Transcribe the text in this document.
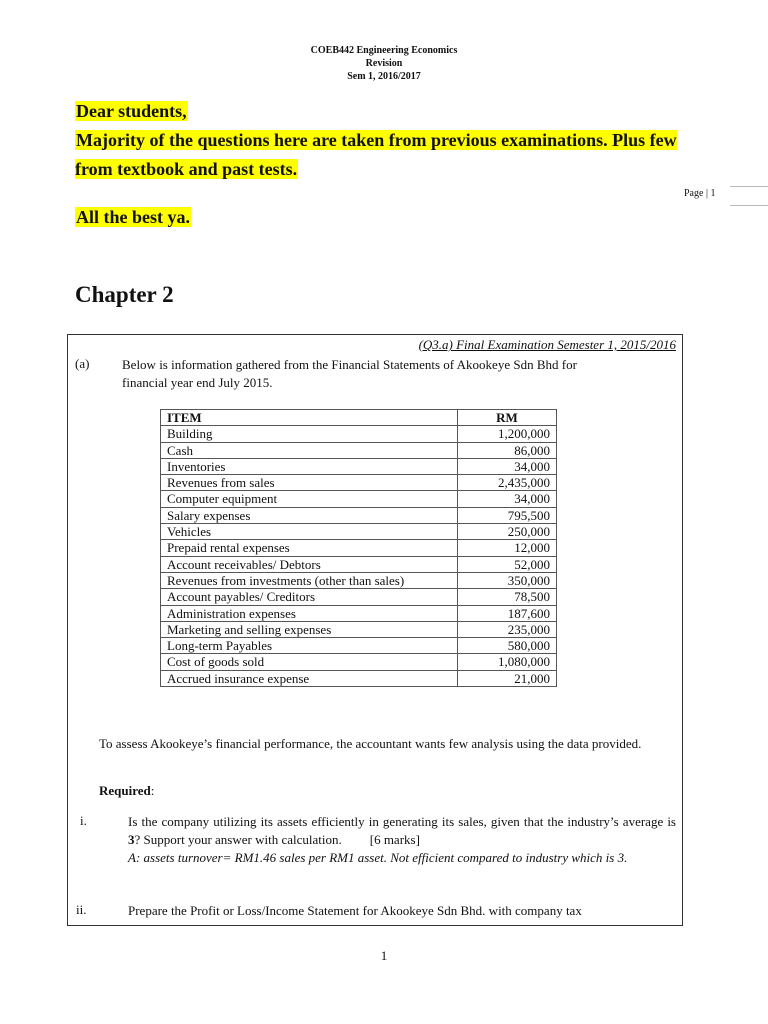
COEB442 Engineering Economics
Revision
Sem 1, 2016/2017
Dear students,
Majority of the questions here are taken from previous examinations. Plus few from textbook and past tests.
Page | 1
All the best ya.
Chapter 2
(Q3.a) Final Examination Semester 1, 2015/2016
(a)	Below is information gathered from the Financial Statements of Akookeye Sdn Bhd for financial year end July 2015.
ITEM	RM
Building	1,200,000
Cash	86,000
Inventories	34,000
Revenues from sales	2,435,000
Computer equipment	34,000
Salary expenses	795,500
Vehicles	250,000
Prepaid rental expenses	12,000
Account receivables/ Debtors	52,000
Revenues from investments (other than sales)	350,000
Account payables/ Creditors	78,500
Administration expenses	187,600
Marketing and selling expenses	235,000
Long-term Payables	580,000
Cost of goods sold	1,080,000
Accrued insurance expense	21,000
To assess Akookeye’s financial performance, the accountant wants few analysis using the data provided.
Required:
i.	Is the company utilizing its assets efficiently in generating its sales, given that the industry’s average is 3? Support your answer with calculation. [6 marks]
A: assets turnover= RM1.46 sales per RM1 asset. Not efficient compared to industry which is 3.
ii.	Prepare the Profit or Loss/Income Statement for Akookeye Sdn Bhd. with company tax
1
